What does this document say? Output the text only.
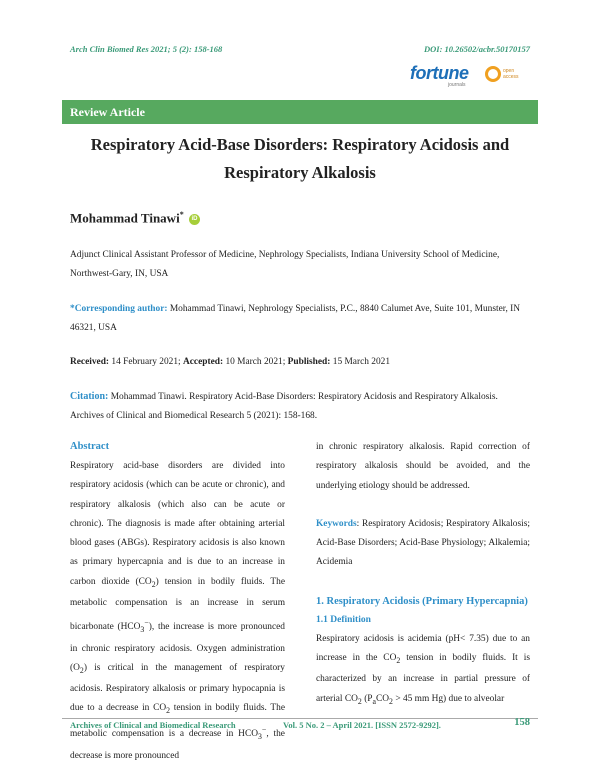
Arch Clin Biomed Res 2021; 5 (2): 158-168	DOI: 10.26502/acbr.50170157
fortune
journals
open access
Review Article
Respiratory Acid-Base Disorders: Respiratory Acidosis and Respiratory Alkalosis
Mohammad Tinawi* iD
Adjunct Clinical Assistant Professor of Medicine, Nephrology Specialists, Indiana University School of Medicine, Northwest-Gary, IN, USA
*Corresponding author: Mohammad Tinawi, Nephrology Specialists, P.C., 8840 Calumet Ave, Suite 101, Munster, IN 46321, USA
Received: 14 February 2021; Accepted: 10 March 2021; Published: 15 March 2021
Citation: Mohammad Tinawi. Respiratory Acid-Base Disorders: Respiratory Acidosis and Respiratory Alkalosis. Archives of Clinical and Biomedical Research 5 (2021): 158-168.
Abstract
Respiratory acid-base disorders are divided into respiratory acidosis (which can be acute or chronic), and respiratory alkalosis (which also can be acute or chronic). The diagnosis is made after obtaining arterial blood gases (ABGs). Respiratory acidosis is also known as primary hypercapnia and is due to an increase in carbon dioxide $(CO_2)$ tension in bodily fluids. The metabolic compensation is an increase in serum bicarbonate $(HCO_3^-)$, the increase is more pronounced in chronic respiratory acidosis. Oxygen administration $(O_2)$ is critical in the management of respiratory acidosis. Respiratory alkalosis or primary hypocapnia is due to a decrease in $CO_2$ tension in bodily fluids. The metabolic compensation is a decrease in $HCO_3^-$, the decrease is more pronounced
in chronic respiratory alkalosis. Rapid correction of respiratory alkalosis should be avoided, and the underlying etiology should be addressed.
Keywords: Respiratory Acidosis; Respiratory Alkalosis; Acid-Base Disorders; Acid-Base Physiology; Alkalemia; Acidemia
1. Respiratory Acidosis (Primary Hypercapnia)
1.1 Definition
Respiratory acidosis is acidemia (pH< 7.35) due to an increase in the $CO_2$ tension in bodily fluids. It is characterized by an increase in partial pressure of arterial $CO_2$ ($P_aCO_2 > 45$ mm Hg) due to alveolar
Archives of Clinical and Biomedical Research	Vol. 5 No. 2 – April 2021. [ISSN 2572-9292].	158
